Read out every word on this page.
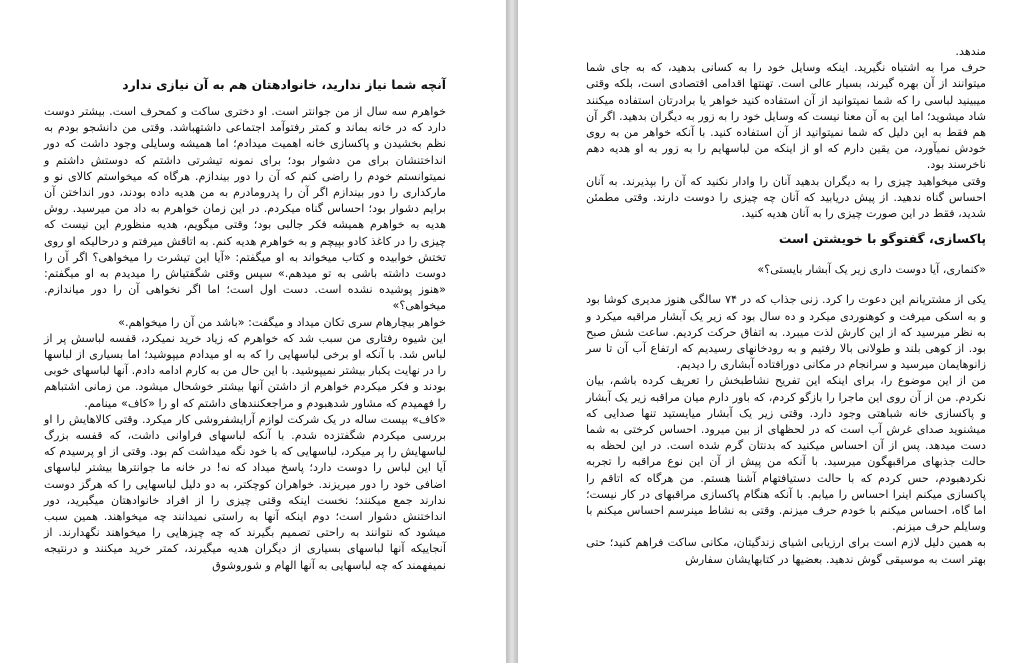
آنچه شما نیاز ندارید، خانوادهتان هم به آن نیازی ندارد

خواهرم سه سال از من جوانتر است. او دختری ساکت و کمحرف است. بیشتر دوست دارد که در خانه بماند و کمتر رفتوآمد اجتماعی داشتهباشد. وقتی من دانشجو بودم به نظم بخشیدن و پاکسازی خانه اهمیت میدادم؛ اما همیشه وسایلی وجود داشت که دور انداختنشان برای من دشوار بود؛ برای نمونه تیشرتی داشتم که دوستش داشتم و نمیتوانستم خودم را راضی کنم که آن را دور بیندازم. هرگاه که میخواستم کالای نو و مارکداری را دور بیندازم اگر آن را پدرومادرم به من هدیه داده بودند، دور انداختن آن برایم دشوار بود؛ احساس گناه میکردم. در این زمان خواهرم به داد من میرسید. روش هدیه به خواهرم همیشه فکر جالبی بود؛ وقتی میگویم، هدیه منظورم این نیست که چیزی را در کاغذ کادو بپیچم و به خواهرم هدیه کنم. به اتاقش میرفتم و درحالیکه او روی تختش خوابیده و کتاب میخواند به او میگفتم: «آیا این تیشرت را میخواهی؟ اگر آن را دوست داشته باشی به تو میدهم.» سپس وقتی شگفتیاش را میدیدم به او میگفتم: «هنوز پوشیده نشده است. دست اول است؛ اما اگر نخواهی آن را دور میاندازم. میخواهی؟»

خواهر بیچارهام سری تکان میداد و میگفت: «باشد من آن را میخواهم.»

این شیوه رفتاری من سبب شد که خواهرم که زیاد خرید نمیکرد، قفسه لباسش پر از لباس شد. با آنکه او برخی لباسهایی را که به او میدادم میپوشید؛ اما بسیاری از لباسها را در نهایت یکبار بیشتر نمیپوشید. با این حال من به کارم ادامه دادم. آنها لباسهای خوبی بودند و فکر میکردم خواهرم از داشتن آنها بیشتر خوشحال میشود. من زمانی اشتباهم را فهمیدم که مشاور شدهبودم و مراجعکنندهای داشتم که او را «کاف» مینامم.

«کاف» بیست ساله در یک شرکت لوازم آرایشفروشی کار میکرد. وقتی کالاهایش را او بررسی میکردم شگفتزده شدم. با آنکه لباسهای فراوانی داشت، که قفسه بزرگ لباسهایش را پر میکرد، لباسهایی که با خود نگه میداشت کم بود. وقتی از او پرسیدم که آیا این لباس را دوست دارد؛ پاسخ میداد که نه! در خانه ما جوانترها بیشتر لباسهای اضافی خود را دور میریزند. خواهران کوچکتر، به دو دلیل لباسهایی را که هرگز دوست ندارند جمع میکنند؛ نخست اینکه وقتی چیزی را از افراد خانوادهتان میگیرید، دور انداختنش دشوار است؛ دوم اینکه آنها به راستی نمیدانند چه میخواهند. همین سبب میشود که نتوانند به راحتی تصمیم بگیرند که چه چیزهایی را میخواهند نگهدارند. از آنجاییکه آنها لباسهای بسیاری از دیگران هدیه میگیرند، کمتر خرید میکنند و درنتیجه نمیفهمند که چه لباسهایی به آنها الهام و شوروشوق

مندهد.

حرف مرا به اشتباه نگیرید. اینکه وسایل خود را به کسانی بدهید، که به جای شما میتوانند از آن بهره گیرند، بسیار عالی است. تهنتها اقدامی اقتصادی است، بلکه وقتی میبینید لباسی را که شما نمیتوانید از آن استفاده کنید خواهر یا برادرتان استفاده میکنند شاد میشوید؛ اما این به آن معنا نیست که وسایل خود را به زور به دیگران بدهید. اگر آن هم فقط به این دلیل که شما نمیتوانید از آن استفاده کنید. با آنکه خواهر من به روی خودش نمیآورد، من یقین دارم که او از اینکه من لباسهایم را به زور به او هدیه دهم ناخرسند بود.

وقتی میخواهید چیزی را به دیگران بدهید آنان را وادار نکنید که آن را بپذیرند. به آنان احساس گناه ندهید. از پیش دریابید که آنان چه چیزی را دوست دارند. وقتی مطمئن شدید، فقط در این صورت چیزی را به آنان هدیه کنید.

پاکسازی، گفتوگو با خویشتن است

«کنماری، آیا دوست داری زیر یک آبشار بایستی؟»

یکی از مشتریانم این دعوت را کرد. زنی جذاب که در ۷۴ سالگی هنوز مدیری کوشا بود و به اسکی میرفت و کوهنوردی میکرد و ده سال بود که زیر یک آبشار مراقبه میکرد و به نظر میرسید که از این کارش لذت میبرد. به اتفاق حرکت کردیم. ساعت شش صبح بود. از کوهی بلند و طولانی بالا رفتیم و به رودخانهای رسیدیم که ارتفاع آب آن تا سر زانوهایمان میرسید و سرانجام در مکانی دورافتاده آبشاری را دیدیم.

من از این موضوع را، برای اینکه این تفریح نشاطبخش را تعریف کرده باشم، بیان نکردم. من از آن روی این ماجرا را بازگو کردم، که باور دارم میان مراقبه زیر یک آبشار و پاکسازی خانه شباهتی وجود دارد. وقتی زیر یک آبشار میایستید تنها صدایی که میشنوید صدای غرش آب است که در لحظهای از بین میرود. احساس کرختی به شما دست میدهد. پس از آن احساس میکنید که بدنتان گرم شده است. در این لحظه به حالت جذبهای مراقبهگون میرسید. با آنکه من پیش از آن این نوع مراقبه را تجربه نکردهبودم، حس کردم که با حالت دستیافتهام آشنا هستم. من هرگاه که اتاقم را پاکسازی میکنم اینرا احساس را میابم. با آنکه هنگام پاکسازی مراقبهای در کار نیست؛ اما گاه، احساس میکنم با خودم حرف میزنم. وقتی به نشاط مینرسم احساس میکنم با وسایلم حرف میزنم.

به همین دلیل لازم است برای ارزیابی اشیای زندگیتان، مکانی ساکت فراهم کنید؛ حتی بهتر است به موسیقی گوش ندهید. بعضیها در کتابهایشان سفارش
